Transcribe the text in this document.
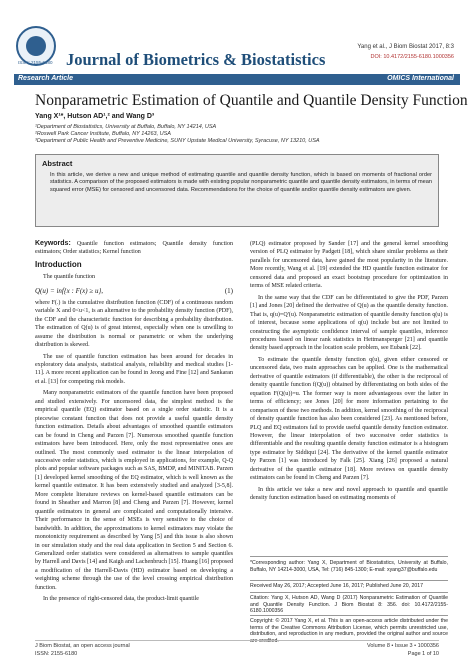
ISSN: 2155-6180 Journal of Biometrics & Biostatistics
Yang et al., J Biom Biostat 2017, 8:3
DOI: 10.4172/2155-6180.1000356
Research Article	OMICS International
Nonparametric Estimation of Quantile and Quantile Density Function
Yang X¹*, Hutson AD¹,² and Wang D³
¹Department of Biostatistics, University at Buffalo, Buffalo, NY 14214, USA
²Roswell Park Cancer Institute, Buffalo, NY 14263, USA
³Department of Public Health and Preventive Medicine, SUNY Upstate Medical University, Syracuse, NY 13210, USA
Abstract
In this article, we derive a new and unique method of estimating quantile and quantile density function, which is based on moments of fractional order statistics. A comparison of the proposed estimators is made with existing popular nonparametric quantile and quantile density estimators, in terms of mean squared error (MSE) for censored and uncensored data. Recommendations for the choice of quantile and/or quantile density estimators are given.

Keywords: Quantile function estimators; Quantile density function estimators; Order statistics; Kernel function

Introduction

The quantile function

Q(u) = inf{x : F(x) ≥ u},	(1)

where F(.) is the cumulative distribution function (CDF) of a continuous random variable X and 0<u<1, is an alternative to the probability density function (PDF), the CDF and the characteristic function for describing a probability distribution. The estimation of Q(u) is of great interest, especially when one is unwilling to assume the distribution is normal or parametric or when the underlying distribution is skewed.

The use of quantile function estimation has been around for decades in exploratory data analysis, statistical analysis, reliability and medical studies [1-11]. A more recent application can be found in Jeong and Fine [12] and Sankaran et al. [13] for competing risk models.

Many nonparametric estimators of the quantile function have been proposed and studied extensively. For uncensored data, the simplest method is the empirical quantile (EQ) estimator based on a single order statistic. It is a piecewise constant function that does not provide a useful quantile density function estimation. Details about advantages of smoothed quantile estimators can be found in Cheng and Parzen [7]. Numerous smoothed quantile function estimators have been introduced. Here, only the most representative ones are outlined. The most commonly used estimator is the linear interpolation of successive order statistics, which is employed in applications, for example, Q-Q plots and popular software packages such as SAS, BMDP, and MINITAB. Parzen [1] developed kernel smoothing of the EQ estimator, which is well known as the kernel quantile estimator. It has been extensively studied and analyzed [3-5,8]. More complete literature reviews on kernel-based quantile estimators can be found in Sheather and Marron [8] and Cheng and Parzen [7]. However, kernel quantile estimators in general are complicated and computationally intensive. Their performance in the sense of MSEs is very sensitive to the choice of bandwidth. In addition, the approximations to kernel estimators may violate the monotonicity requirement as described by Yang [5] and this issue is also shown in our simulation study and the real data application in Section 5 and Section 6. Generalized order statistics were considered as alternatives to sample quantiles by Harrell and Davis [14] and Kaigh and Lachenbruch [15]. Huang [16] proposed a modification of the Harrell-Davis (HD) estimator based on developing a weighting scheme through the use of the level crossing empirical distribution function.

In the presence of right-censored data, the product-limit quantile

(PLQ) estimator proposed by Sander [17] and the general kernel smoothing version of PLQ estimator by Padgett [18], which share similar problems as their parallels for uncensored data, have gained the most popularity in the literature. More recently, Wang et al. [19] extended the HD quantile function estimator for censored data and proposed an exact bootstrap procedure for optimization in terms of MSE related criteria.

In the same way that the CDF can be differentiated to give the PDF, Parzen [1] and Jones [20] defined the derivative of Q(u) as the quantile density function. That is, q(u)=Q'(u). Nonparametric estimation of quantile density function q(u) is of interest, because some applications of q(u) include but are not limited to constructing the asymptotic confidence interval of sample quantiles, inference procedures based on linear rank statistics in Hettmansperger [21] and quantile density based approach in the location scale problem, see Eubank [22].

To estimate the quantile density function q(u), given either censored or uncensored data, two main approaches can be applied. One is the mathematical derivative of quantile estimators (if differentiable), the other is the reciprocal of density quantile function f(Q(u)) obtained by differentiating on both sides of the equation F(Q(u))=u. The former way is more advantageous over the latter in terms of efficiency; see Jones [20] for more information pertaining to the comparison of these two methods. In addition, kernel smoothing of the reciprocal of density quantile function has also been considered [23]. As mentioned before, PLQ and EQ estimators fail to provide useful quantile density function estimator. However, the linear interpolation of two successive order statistics is differentiable and the resulting quantile density function estimator is a histogram type estimator by Siddiqui [24]. The derivative of the kernel quantile estimator by Parzen [1] was introduced by Falk [25]. Xiang [26] proposed a natural derivative of the quantile estimator [18]. More reviews on quantile density estimators can be found in Cheng and Parzen [7].

In this article we take a new and novel approach to quantile and quantile density function estimation based on estimating moments of

*Corresponding author: Yang X, Department of Biostatistics, University at Buffalo, Buffalo, NY 14214-3000, USA, Tel: (716) 845-1300; E-mail: xyang37@buffalo.edu
Received May 26, 2017; Accepted June 16, 2017; Published June 20, 2017
Citation: Yang X, Hutson AD, Wang D (2017) Nonparametric Estimation of Quantile and Quantile Density Function. J Biom Biostat 8: 356. doi: 10.4172/2155-6180.1000356
Copyright: © 2017 Yang X, et al. This is an open-access article distributed under the terms of the Creative Commons Attribution License, which permits unrestricted use, distribution, and reproduction in any medium, provided the original author and source
J Biom Biostat, an open access journal
ISSN: 2155-6180
Volume 8 • Issue 3 • 1000356
Page 1 of 10
